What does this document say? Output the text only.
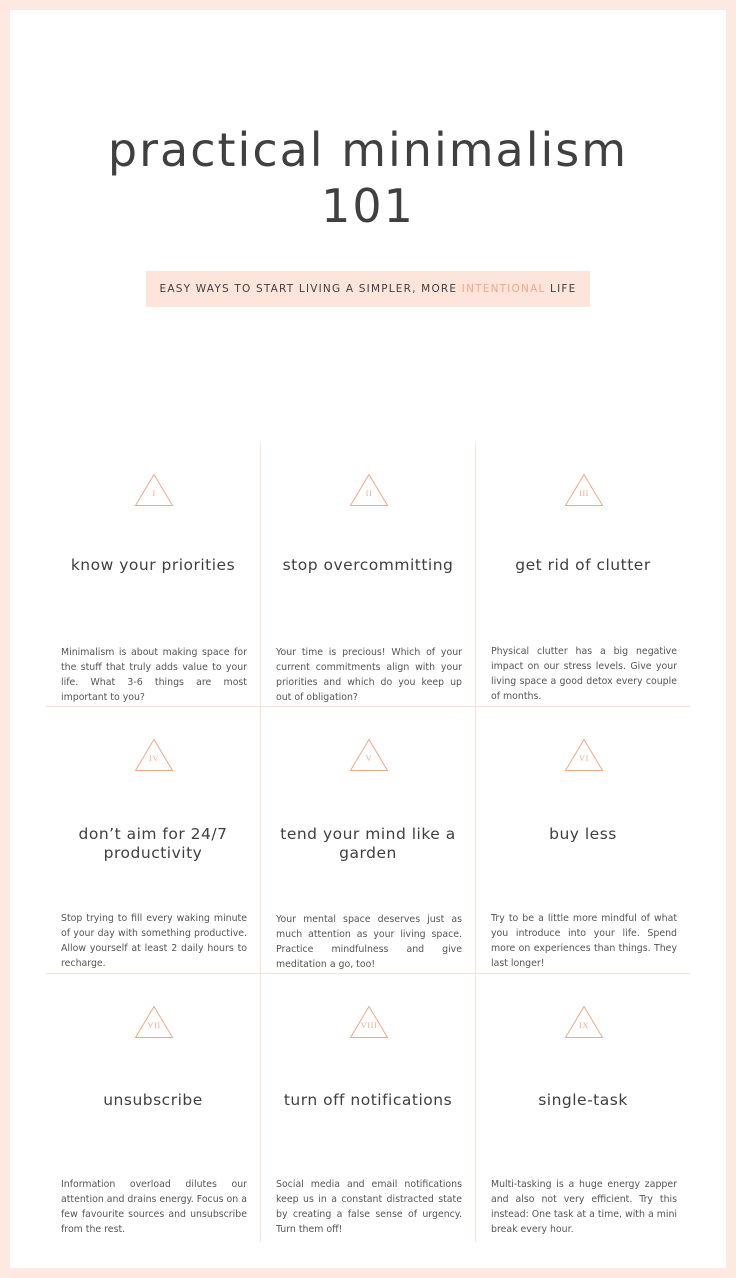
practical minimalism
101
EASY WAYS TO START LIVING A SIMPLER, MORE INTENTIONAL LIFE
I
know your priorities

Minimalism is about making space for the stuff that truly adds value to your life. What 3-6 things are most important to you?

II
stop overcommitting

Your time is precious! Which of your current commitments align with your priorities and which do you keep up out of obligation?

III
get rid of clutter

Physical clutter has a big negative impact on our stress levels. Give your living space a good detox every couple of months.

IV
don’t aim for 24/7 productivity

Stop trying to fill every waking minute of your day with something productive. Allow yourself at least 2 daily hours to recharge.

V
tend your mind like a garden

Your mental space deserves just as much attention as your living space. Practice mindfulness and give meditation a go, too!

VI
buy less

Try to be a little more mindful of what you introduce into your life. Spend more on experiences than things. They last longer!

VII
unsubscribe

Information overload dilutes our attention and drains energy. Focus on a few favourite sources and unsubscribe from the rest.

VIII
turn off notifications

Social media and email notifications keep us in a constant distracted state by creating a false sense of urgency. Turn them off!

IX
single-task

Multi-tasking is a huge energy zapper and also not very efficient. Try this instead: One task at a time, with a mini break every hour.
